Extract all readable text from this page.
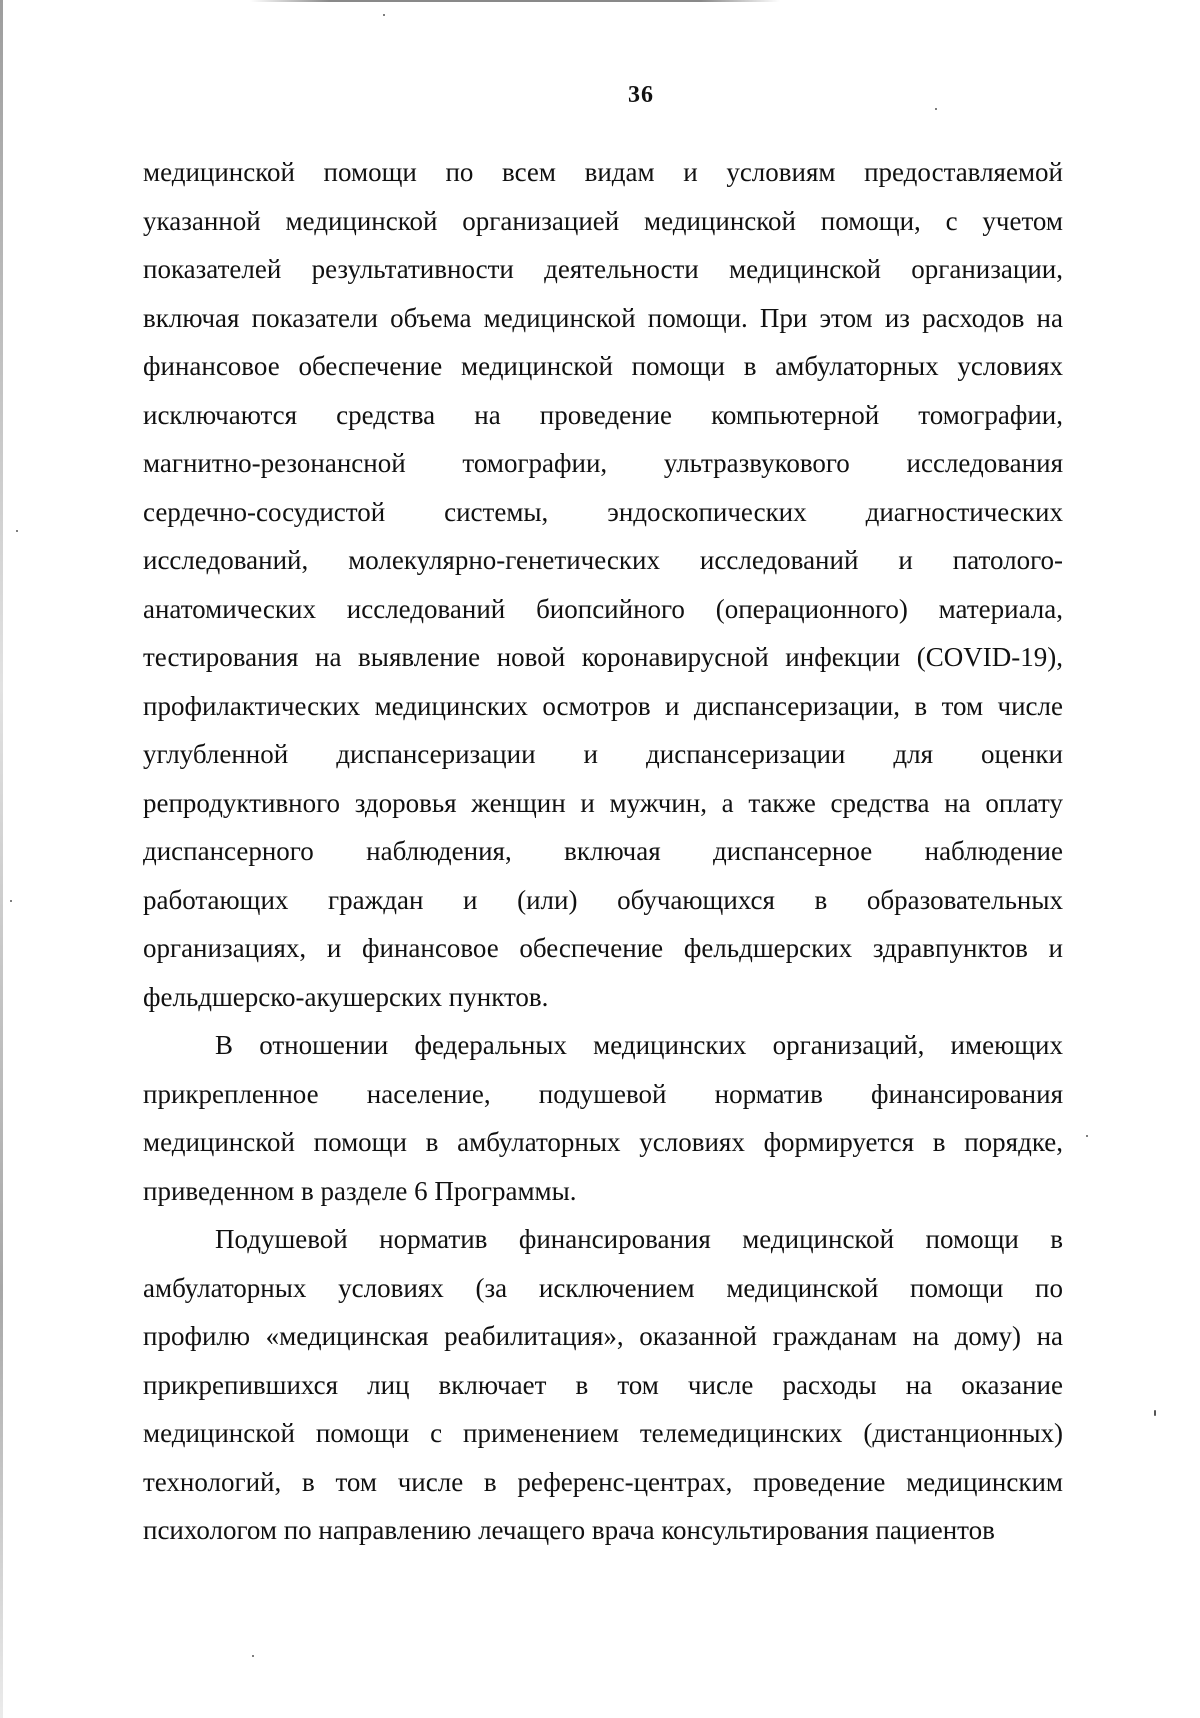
36
медицинской помощи по всем видам и условиям предоставляемой
указанной медицинской организацией медицинской помощи, с учетом
показателей результативности деятельности медицинской организации,
включая показатели объема медицинской помощи. При этом из расходов на
финансовое обеспечение медицинской помощи в амбулаторных условиях
исключаются средства на проведение компьютерной томографии,
магнитно-резонансной томографии, ультразвукового исследования
сердечно-сосудистой системы, эндоскопических диагностических
исследований, молекулярно-генетических исследований и патолого-
анатомических исследований биопсийного (операционного) материала,
тестирования на выявление новой коронавирусной инфекции (COVID-19),
профилактических медицинских осмотров и диспансеризации, в том числе
углубленной диспансеризации и диспансеризации для оценки
репродуктивного здоровья женщин и мужчин, а также средства на оплату
диспансерного наблюдения, включая диспансерное наблюдение
работающих граждан и (или) обучающихся в образовательных
организациях, и финансовое обеспечение фельдшерских здравпунктов и
фельдшерско-акушерских пунктов.
В отношении федеральных медицинских организаций, имеющих
прикрепленное население, подушевой норматив финансирования
медицинской помощи в амбулаторных условиях формируется в порядке,
приведенном в разделе 6 Программы.
Подушевой норматив финансирования медицинской помощи в
амбулаторных условиях (за исключением медицинской помощи по
профилю «медицинская реабилитация», оказанной гражданам на дому) на
прикрепившихся лиц включает в том числе расходы на оказание
медицинской помощи с применением телемедицинских (дистанционных)
технологий, в том числе в референс-центрах, проведение медицинским
психологом по направлению лечащего врача консультирования пациентов
